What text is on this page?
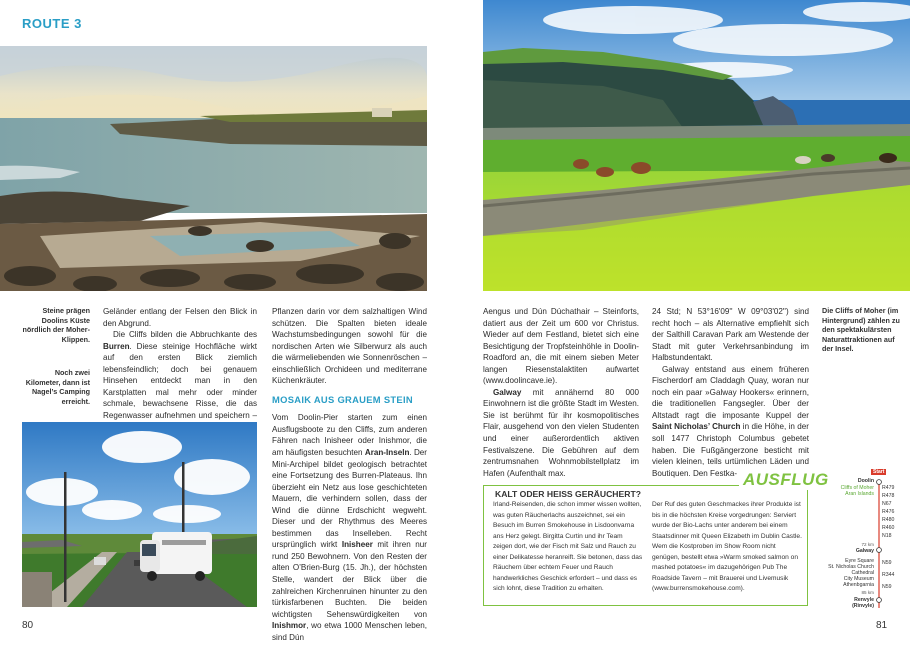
ROUTE 3
Steine prägen Doolins Küste nördlich der Moher-Klippen.
Noch zwei Kilometer, dann ist Nagel’s Camping erreicht.

Geländer entlang der Felsen den Blick in den Abgrund.

Die Cliffs bilden die Abbruchkante des Burren. Diese steinige Hochfläche wirkt auf den ersten Blick ziemlich lebensfeindlich; doch bei genauem Hinsehen entdeckt man in den Karstplatten mal mehr oder minder schmale, bewachsene Risse, die das Regenwasser aufnehmen und speichern –

Pflanzen darin vor dem salzhaltigen Wind schützen. Die Spalten bieten ideale Wachstumsbedingungen sowohl für die nordischen Arten wie Silberwurz als auch die wärmeliebenden wie Sonnenröschen – einschließlich Orchideen und mediterrane Küchenkräuter.

MOSAIK AUS GRAUEM STEIN

Vom Doolin-Pier starten zum einen Ausflugsboote zu den Cliffs, zum anderen Fähren nach Inisheer oder Inishmor, die am häufigsten besuchten Aran-Inseln. Der Mini-Archipel bildet geologisch betrachtet eine Fortsetzung des Burren-Plateaus. Ihn überzieht ein Netz aus lose geschichteten Mauern, die verhindern sollen, dass der Wind die dünne Erdschicht wegweht. Dieser und der Rhythmus des Meeres bestimmen das Inselleben. Recht ursprünglich wirkt Inisheer mit ihren nur rund 250 Bewohnern. Von den Resten der alten O’Brien-Burg (15. Jh.), der höchsten Stelle, wandert der Blick über die zahlreichen Kirchenruinen hinunter zu den türkisfarbenen Buchten. Die beiden wichtigsten Sehenswürdigkeiten von Inishmor, wo etwa 1000 Menschen leben, sind Dún

80
Die Cliffs of Moher (im Hintergrund) zählen zu den spektakulärsten Naturattraktionen auf der Insel.

Aengus und Dún Dúchathair – Steinforts, datiert aus der Zeit um 600 vor Christus. Wieder auf dem Festland, bietet sich eine Besichtigung der Tropfsteinhöhle in Doolin-Roadford an, die mit einem sieben Meter langen Riesenstalaktiten aufwartet (www.doolincave.ie).

Galway mit annähernd 80 000 Einwohnern ist die größte Stadt im Westen. Sie ist berühmt für ihr kosmopolitisches Flair, ausgehend von den vielen Studenten und einer außerordentlich aktiven Festivalszene. Die Gebühren auf dem zentrumsnahen Wohnmobilstellplatz im Hafen (Aufenthalt max.

24 Std; N 53°16'09'' W 09°03'02'') sind recht hoch – als Alternative empfiehlt sich der Salthill Caravan Park am Westende der Stadt mit guter Verkehrsanbindung im Halbstundentakt.

Galway entstand aus einem früheren Fischerdorf am Claddagh Quay, woran nur noch ein paar »Galway Hookers« erinnern, die traditionellen Fangsegler. Über der Altstadt ragt die imposante Kuppel der Saint Nicholas’ Church in die Höhe, in der soll 1477 Christoph Columbus gebetet haben. Die Fußgängerzone besticht mit vielen kleinen, teils urtümlichen Läden und Boutiquen. Den Festka- AUSFLUG
KALT ODER HEISS GERÄUCHERT?
Irland-Reisenden, die schon immer wissen wollten, was guten Räucherlachs auszeichnet, sei ein Besuch im Burren Smokehouse in Lisdoonvarna ans Herz gelegt. Birgitta Curtin und ihr Team zeigen dort, wie der Fisch mit Salz und Rauch zu einer Delikatesse heranreift. Sie betonen, dass das Räuchern über echtem Feuer und Rauch handwerkliches Geschick erfordert – und dass es sich lohnt, diese Tradition zu erhalten.
Der Ruf des guten Geschmackes ihrer Produkte ist bis in die höchsten Kreise vorgedrungen: Serviert wurde der Bio-Lachs unter anderem bei einem Staatsdinner mit Queen Elizabeth im Dublin Castle. Wem die Kostproben im Show Room nicht genügen, bestellt etwa »Warm smoked salmon on mashed potatoes« im dazugehörigen Pub The Roadside Tavern – mit Brauerei und Livemusik (www.burrensmokehouse.com).
Start
Doolin
Cliffs of Moher
Aran Islands
R479
R478
N67
R476
R480
R460
N18
72 km
Galway
Eyre Square
St. Nicholas Church
Cathedral
City Museum
Athenbgarnia
N59
R344
N59
85 km
Renvyle
(Rinvyle)
81
